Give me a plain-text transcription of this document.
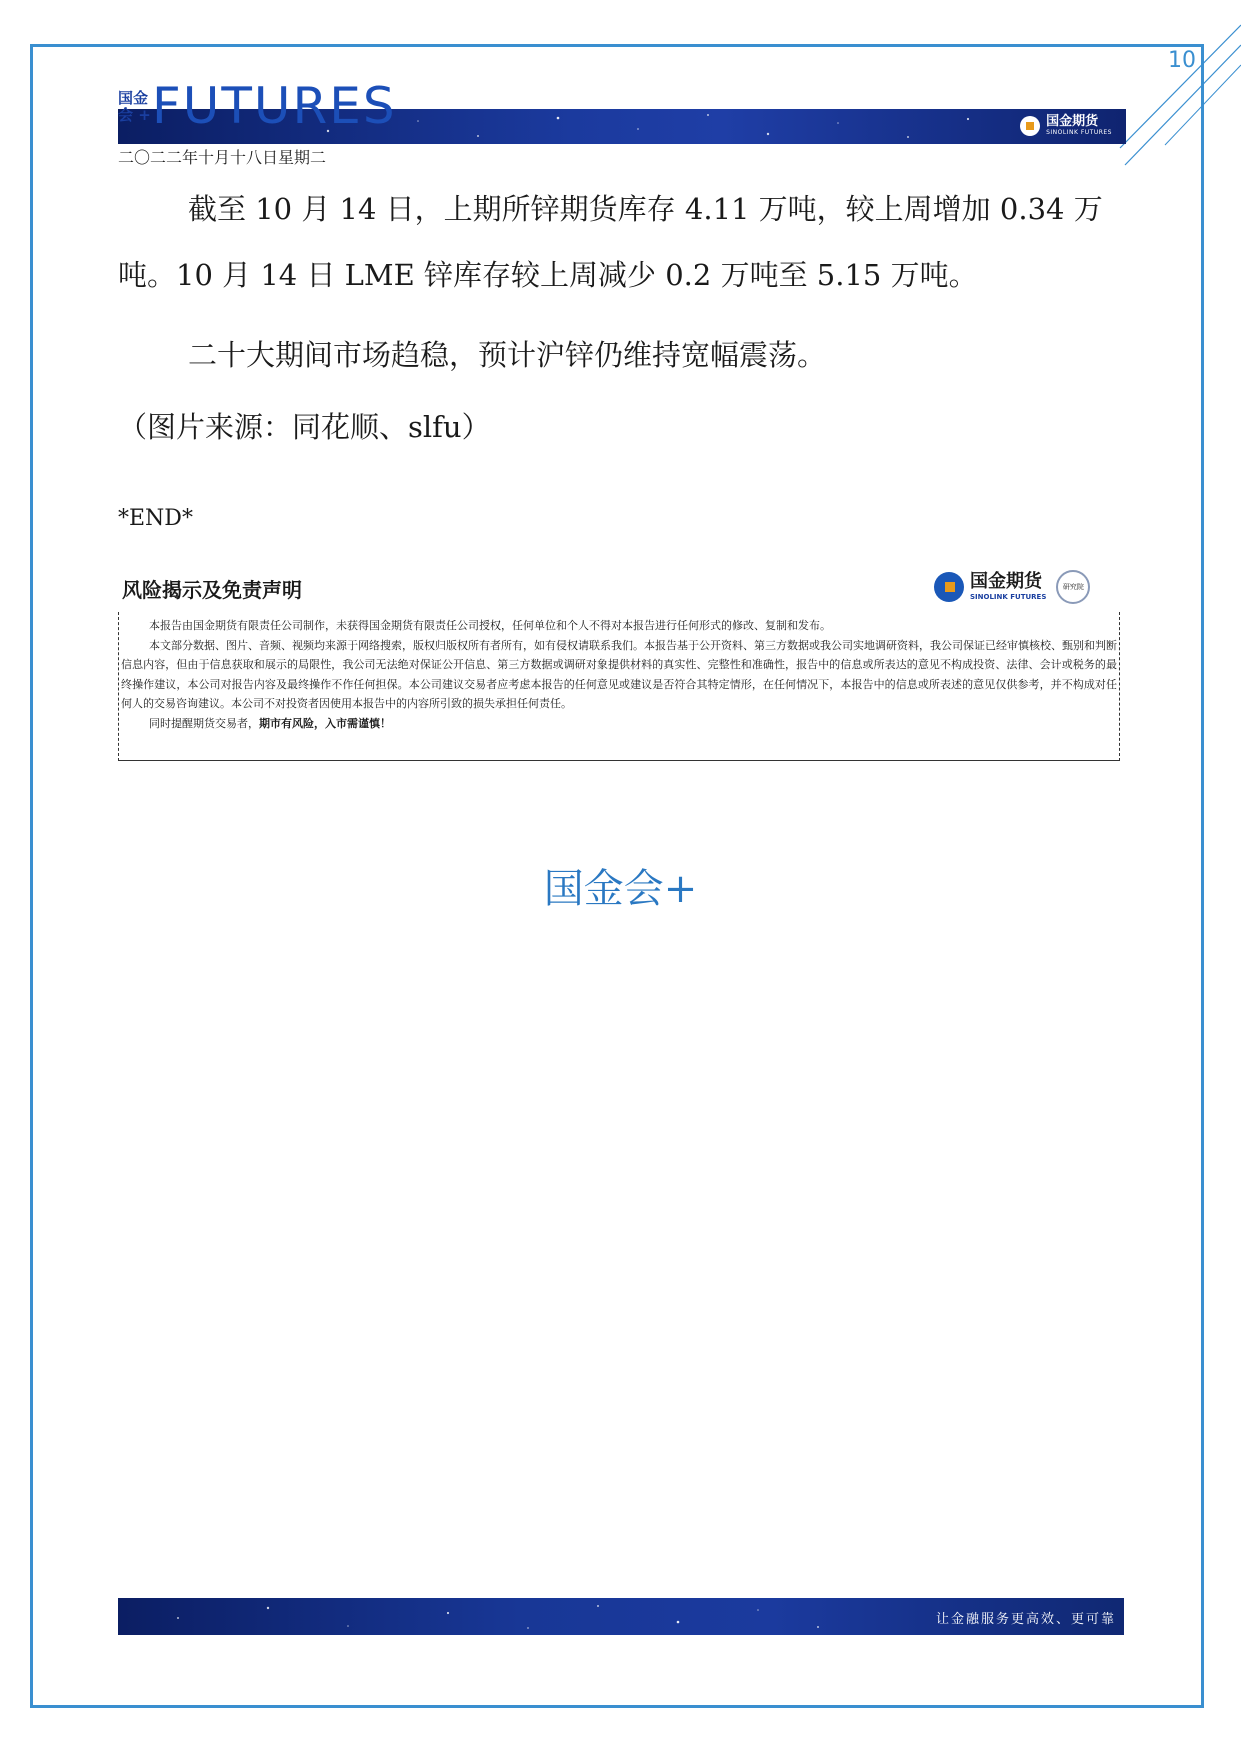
10
国金期货
SINOLINK FUTURES
国金
会 + FUTURES
二〇二二年十月十八日星期二

截至 10 月 14 日，上期所锌期货库存 4.11 万吨，较上周增加 0.34 万吨。10 月 14 日 LME 锌库存较上周减少 0.2 万吨至 5.15 万吨。

二十大期间市场趋稳，预计沪锌仍维持宽幅震荡。

（图片来源：同花顺、slfu）
*END*
风险揭示及免责声明	国金期货
SINOLINK FUTURES
研究院

本报告由国金期货有限责任公司制作，未获得国金期货有限责任公司授权，任何单位和个人不得对本报告进行任何形式的修改、复制和发布。

本文部分数据、图片、音频、视频均来源于网络搜索，版权归版权所有者所有，如有侵权请联系我们。本报告基于公开资料、第三方数据或我公司实地调研资料，我公司保证已经审慎核校、甄别和判断信息内容，但由于信息获取和展示的局限性，我公司无法绝对保证公开信息、第三方数据或调研对象提供材料的真实性、完整性和准确性，报告中的信息或所表达的意见不构成投资、法律、会计或税务的最终操作建议，本公司对报告内容及最终操作不作任何担保。本公司建议交易者应考虑本报告的任何意见或建议是否符合其特定情形，在任何情况下，本报告中的信息或所表述的意见仅供参考，并不构成对任何人的交易咨询建议。本公司不对投资者因使用本报告中的内容所引致的损失承担任何责任。

同时提醒期货交易者，期市有风险，入市需谨慎！

国金会+
让金融服务更高效、更可靠
